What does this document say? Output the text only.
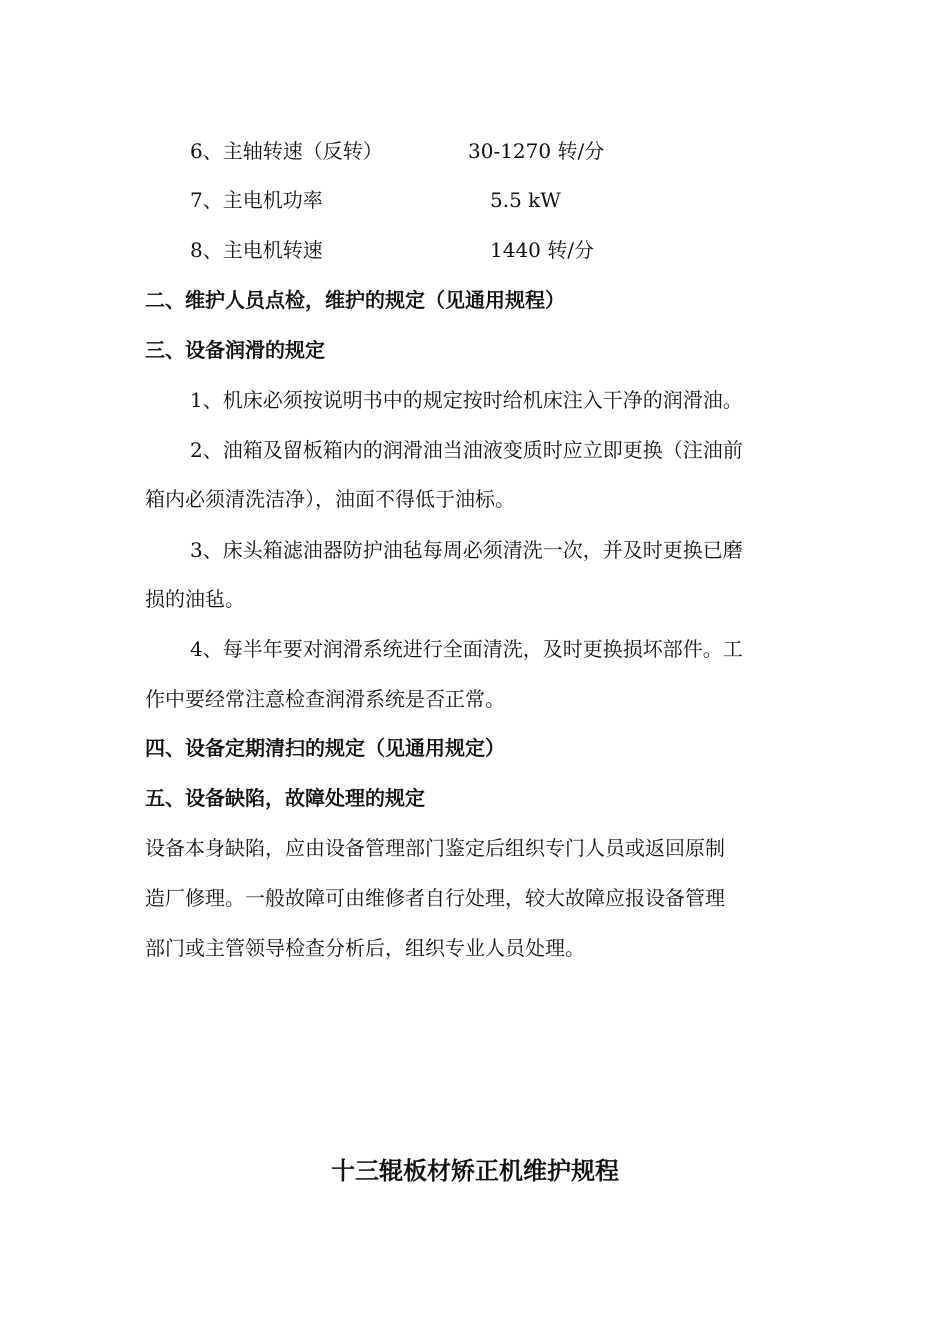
6、主轴转速（反转）	30-1270 转/分
7、主电机功率	5.5 kW
8、主电机转速	1440 转/分
二、维护人员点检，维护的规定（见通用规程）
三、设备润滑的规定
1、机床必须按说明书中的规定按时给机床注入干净的润滑油。
2、油箱及留板箱内的润滑油当油液变质时应立即更换（注油前
箱内必须清洗洁净），油面不得低于油标。
3、床头箱滤油器防护油毡每周必须清洗一次，并及时更换已磨
损的油毡。
4、每半年要对润滑系统进行全面清洗，及时更换损坏部件。工
作中要经常注意检查润滑系统是否正常。
四、设备定期清扫的规定（见通用规定）
五、设备缺陷，故障处理的规定
设备本身缺陷，应由设备管理部门鉴定后组织专门人员或返回原制
造厂修理。一般故障可由维修者自行处理，较大故障应报设备管理
部门或主管领导检查分析后，组织专业人员处理。
十三辊板材矫正机维护规程
